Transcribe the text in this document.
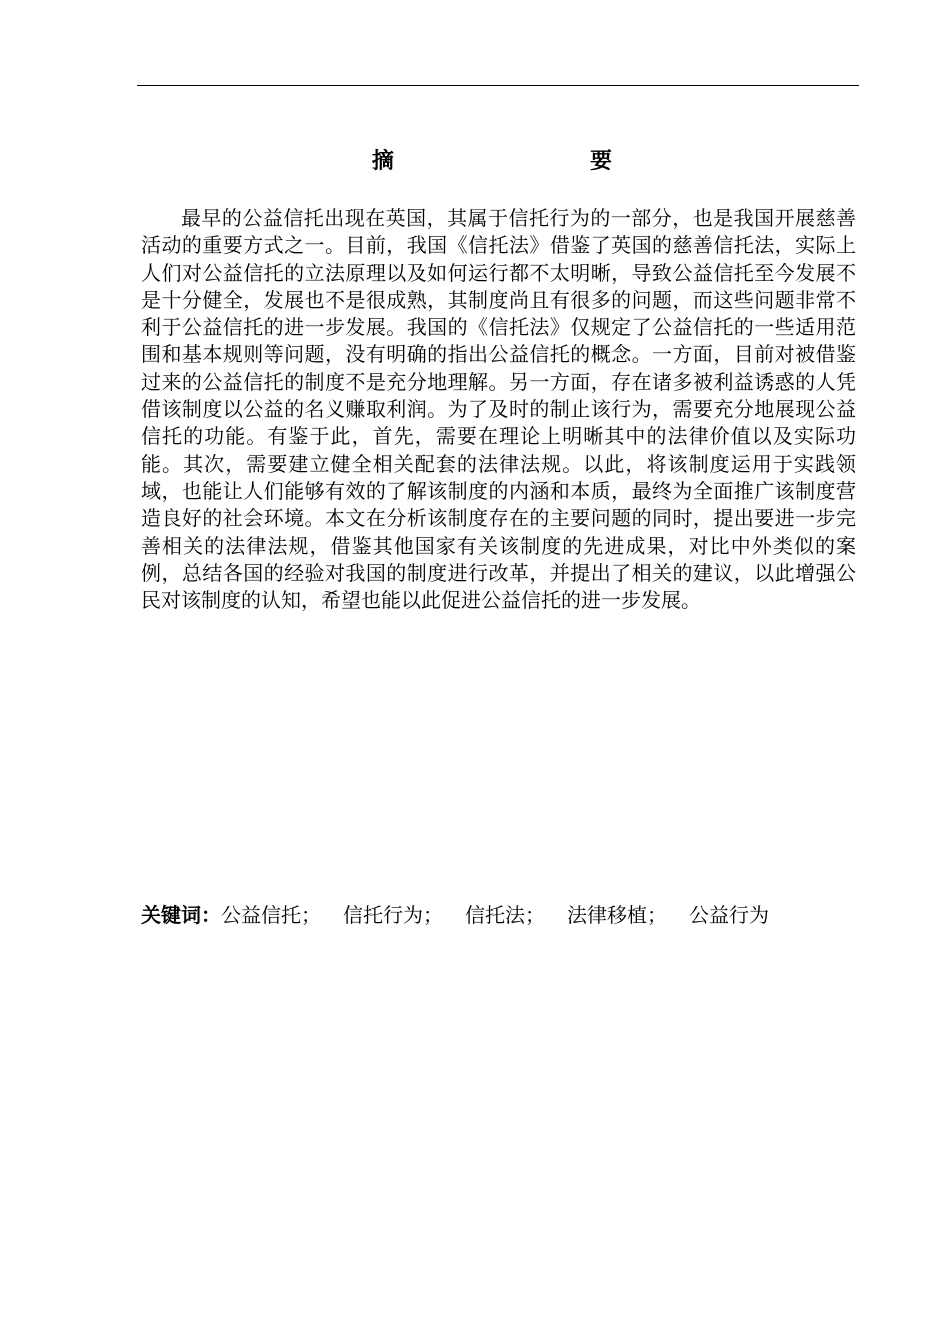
摘    要

最早的公益信托出现在英国，其属于信托行为的一部分，也是我国开展慈善活动的重要方式之一。目前，我国《信托法》借鉴了英国的慈善信托法，实际上人们对公益信托的立法原理以及如何运行都不太明晰，导致公益信托至今发展不是十分健全，发展也不是很成熟，其制度尚且有很多的问题，而这些问题非常不利于公益信托的进一步发展。我国的《信托法》仅规定了公益信托的一些适用范围和基本规则等问题，没有明确的指出公益信托的概念。一方面，目前对被借鉴过来的公益信托的制度不是充分地理解。另一方面，存在诸多被利益诱惑的人凭借该制度以公益的名义赚取利润。为了及时的制止该行为，需要充分地展现公益信托的功能。有鉴于此，首先，需要在理论上明晰其中的法律价值以及实际功能。其次，需要建立健全相关配套的法律法规。以此，将该制度运用于实践领域，也能让人们能够有效的了解该制度的内涵和本质，最终为全面推广该制度营造良好的社会环境。本文在分析该制度存在的主要问题的同时，提出要进一步完善相关的法律法规，借鉴其他国家有关该制度的先进成果，对比中外类似的案例，总结各国的经验对我国的制度进行改革，并提出了相关的建议，以此增强公民对该制度的认知，希望也能以此促进公益信托的进一步发展。

关键词：公益信托； 信托行为； 信托法； 法律移植； 公益行为
